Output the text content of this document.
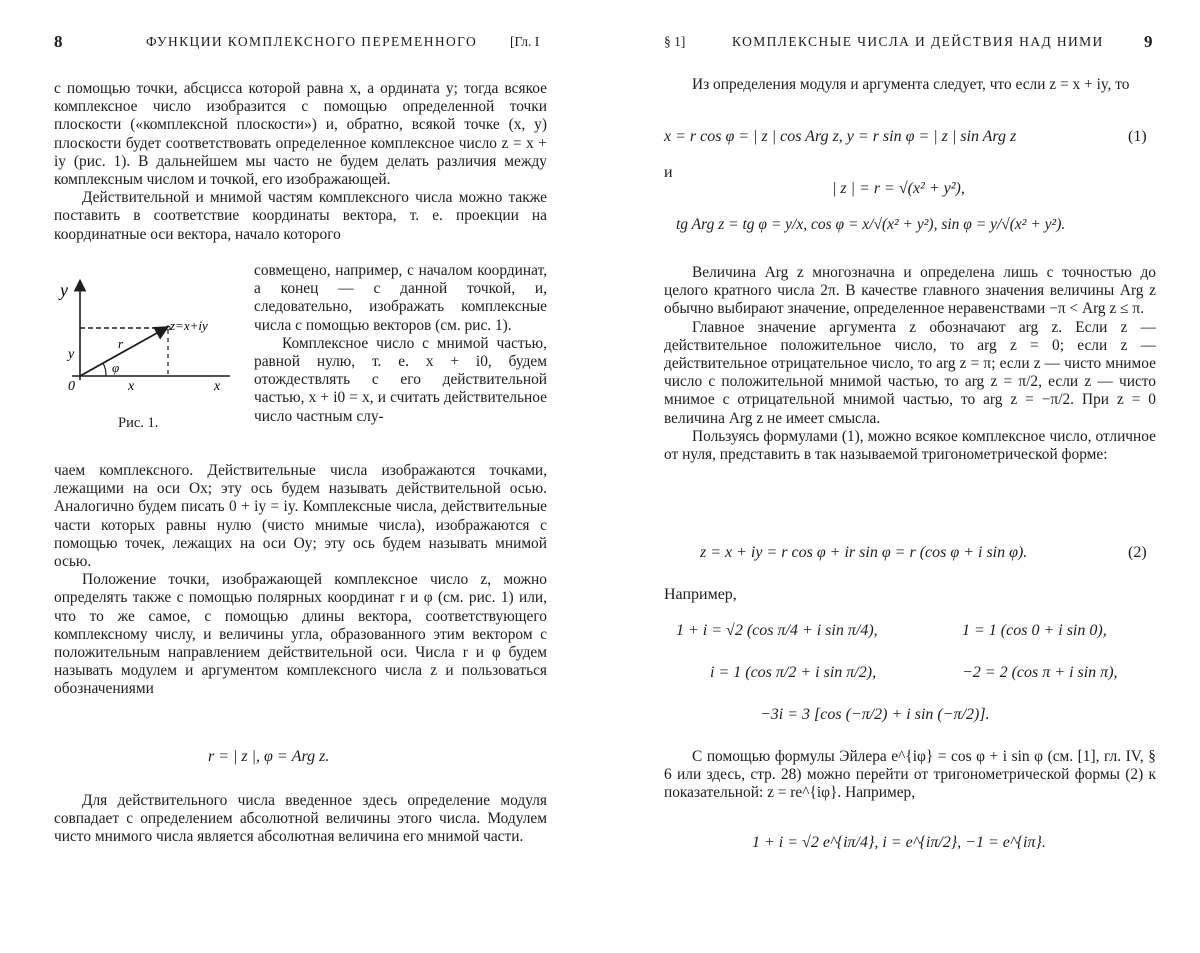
8	ФУНКЦИИ КОМПЛЕКСНОГО ПЕРЕМЕННОГО [Гл. I

с помощью точки, абсцисса которой равна x, а ордината y; тогда всякое комплексное число изобразится с помощью определенной точки плоскости («комплексной плоскости») и, обратно, всякой точке (x, y) плоскости будет соответствовать определенное комплексное число z = x + iy (рис. 1). В дальнейшем мы часто не будем делать различия между комплексным числом и точкой, его изображающей.

Действительной и мнимой частям комплексного числа можно также поставить в соответствие координаты вектора, т. е. проекции на координатные оси вектора, начало которого

y
z=x+iy
y
r
φ
0	x	x
Рис. 1.

совмещено, например, с началом координат, а конец — с данной точкой, и, следовательно, изображать комплексные числа с помощью векторов (см. рис. 1).

Комплексное число с мнимой частью, равной нулю, т. е. x + i0, будем отождествлять с его действительной частью, x + i0 = x, и считать действительное число частным слу-

чаем комплексного. Действительные числа изображаются точками, лежащими на оси Ox; эту ось будем называть действительной осью. Аналогично будем писать 0 + iy = iy. Комплексные числа, действительные части которых равны нулю (чисто мнимые числа), изображаются с помощью точек, лежащих на оси Oy; эту ось будем называть мнимой осью.

Положение точки, изображающей комплексное число z, можно определять также с помощью полярных координат r и φ (см. рис. 1) или, что то же самое, с помощью длины вектора, соответствующего комплексному числу, и величины угла, образованного этим вектором с положительным направлением действительной оси. Числа r и φ будем называть модулем и аргументом комплексного числа z и пользоваться обозначениями

r = | z |, φ = Arg z.

Для действительного числа введенное здесь определение модуля совпадает с определением абсолютной величины этого числа. Модулем чисто мнимого числа является абсолютная величина его мнимой части.

§ 1]	КОМПЛЕКСНЫЕ ЧИСЛА И ДЕЙСТВИЯ НАД НИМИ 9

Из определения модуля и аргумента следует, что если z = x + iy, то

x = r cos φ = | z | cos Arg z, y = r sin φ = | z | sin Arg z	(1)
и
| z | = r = √(x² + y²),
tg Arg z = tg φ = y/x, cos φ = x/√(x² + y²), sin φ = y/√(x² + y²).

Величина Arg z многозначна и определена лишь с точностью до целого кратного числа 2π. В качестве главного значения величины Arg z обычно выбирают значение, определенное неравенствами −π < Arg z ≤ π.

Главное значение аргумента z обозначают arg z. Если z — действительное положительное число, то arg z = 0; если z — действительное отрицательное число, то arg z = π; если z — чисто мнимое число с положительной мнимой частью, то arg z = π/2, если z — чисто мнимое с отрицательной мнимой частью, то arg z = −π/2. При z = 0 величина Arg z не имеет смысла.

Пользуясь формулами (1), можно всякое комплексное число, отличное от нуля, представить в так называемой тригонометрической форме:

z = x + iy = r cos φ + ir sin φ = r (cos φ + i sin φ).	(2)
Например,
1 + i = √2 (cos π/4 + i sin π/4),	1 = 1 (cos 0 + i sin 0),
i = 1 (cos π/2 + i sin π/2),	−2 = 2 (cos π + i sin π),
−3i = 3 [cos (−π/2) + i sin (−π/2)].

С помощью формулы Эйлера e^{iφ} = cos φ + i sin φ (см. [1], гл. IV, § 6 или здесь, стр. 28) можно перейти от тригонометрической формы (2) к показательной: z = re^{iφ}. Например,

1 + i = √2 e^{iπ/4}, i = e^{iπ/2}, −1 = e^{iπ}.
